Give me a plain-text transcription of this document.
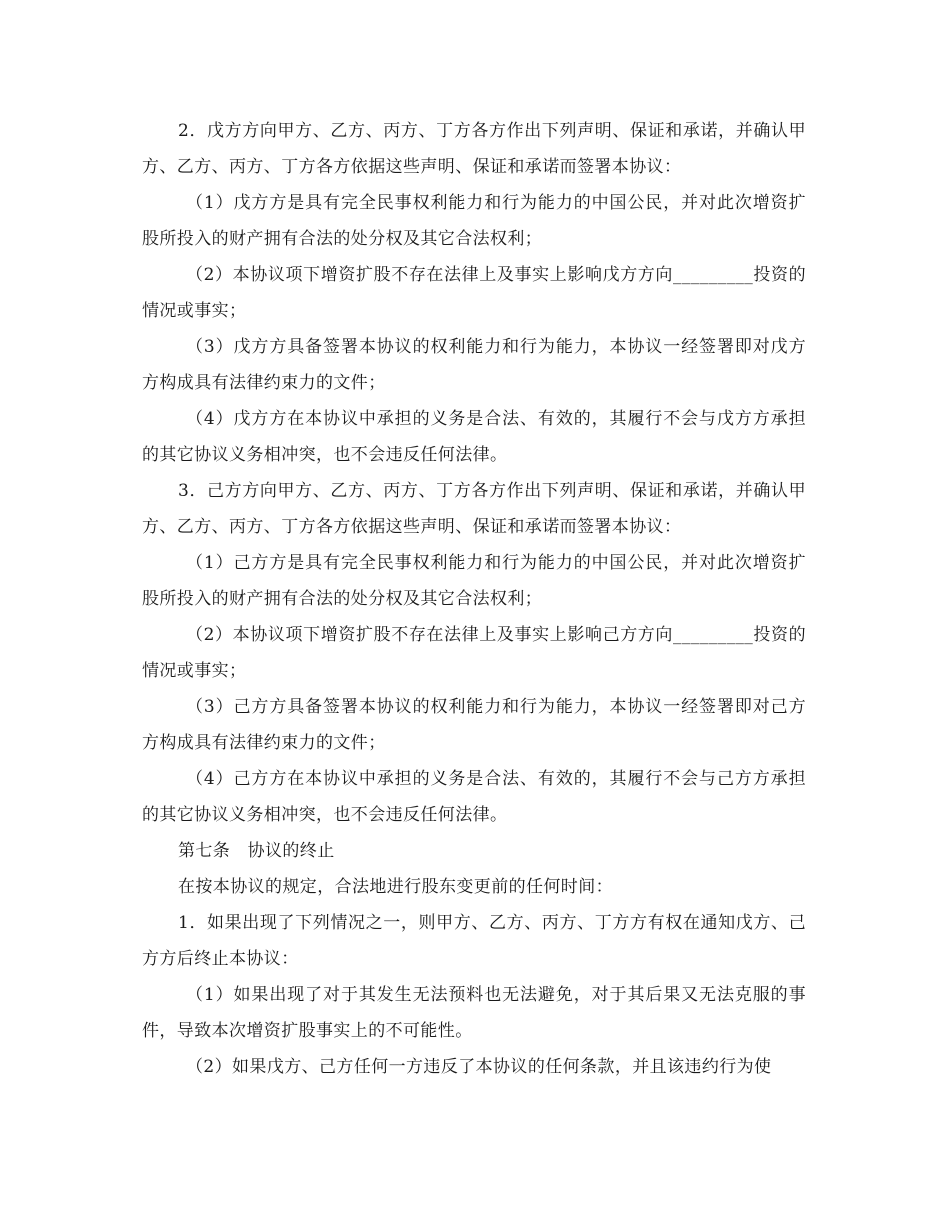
2．戊方方向甲方、乙方、丙方、丁方各方作出下列声明、保证和承诺，并确认甲方、乙方、丙方、丁方各方依据这些声明、保证和承诺而签署本协议：

（1）戊方方是具有完全民事权利能力和行为能力的中国公民，并对此次增资扩股所投入的财产拥有合法的处分权及其它合法权利；

（2）本协议项下增资扩股不存在法律上及事实上影响戊方方向_________投资的情况或事实；

（3）戊方方具备签署本协议的权利能力和行为能力，本协议一经签署即对戊方方构成具有法律约束力的文件；

（4）戊方方在本协议中承担的义务是合法、有效的，其履行不会与戊方方承担的其它协议义务相冲突，也不会违反任何法律。

3．己方方向甲方、乙方、丙方、丁方各方作出下列声明、保证和承诺，并确认甲方、乙方、丙方、丁方各方依据这些声明、保证和承诺而签署本协议：

（1）己方方是具有完全民事权利能力和行为能力的中国公民，并对此次增资扩股所投入的财产拥有合法的处分权及其它合法权利；

（2）本协议项下增资扩股不存在法律上及事实上影响己方方向_________投资的情况或事实；

（3）己方方具备签署本协议的权利能力和行为能力，本协议一经签署即对己方方构成具有法律约束力的文件；

（4）己方方在本协议中承担的义务是合法、有效的，其履行不会与己方方承担的其它协议义务相冲突，也不会违反任何法律。

第七条　协议的终止

在按本协议的规定，合法地进行股东变更前的任何时间：

1．如果出现了下列情况之一，则甲方、乙方、丙方、丁方方有权在通知戊方、己方方后终止本协议：

（1）如果出现了对于其发生无法预料也无法避免，对于其后果又无法克服的事件，导致本次增资扩股事实上的不可能性。

（2）如果戊方、己方任何一方违反了本协议的任何条款，并且该违约行为使
